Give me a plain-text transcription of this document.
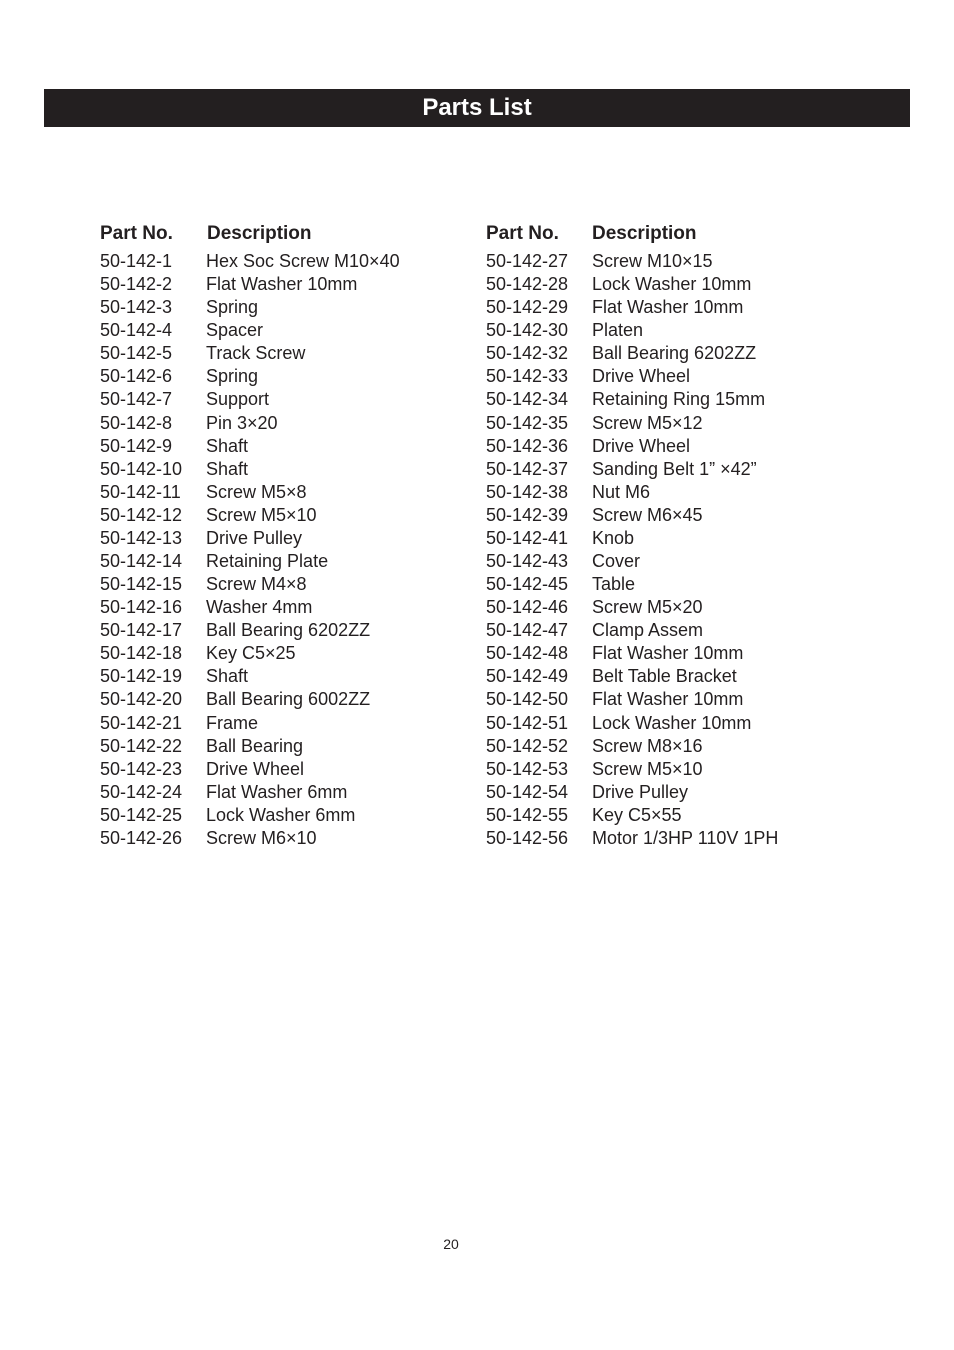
Parts List
Part No. Description
50-142-1 Hex Soc Screw M10×40
50-142-2 Flat Washer 10mm
50-142-3 Spring
50-142-4 Spacer
50-142-5 Track Screw
50-142-6 Spring
50-142-7 Support
50-142-8 Pin 3×20
50-142-9 Shaft
50-142-10 Shaft
50-142-11 Screw M5×8
50-142-12 Screw M5×10
50-142-13 Drive Pulley
50-142-14 Retaining Plate
50-142-15 Screw M4×8
50-142-16 Washer 4mm
50-142-17 Ball Bearing 6202ZZ
50-142-18 Key C5×25
50-142-19 Shaft
50-142-20 Ball Bearing 6002ZZ
50-142-21 Frame
50-142-22 Ball Bearing
50-142-23 Drive Wheel
50-142-24 Flat Washer 6mm
50-142-25 Lock Washer 6mm
50-142-26 Screw M6×10
Part No. Description
50-142-27 Screw M10×15
50-142-28 Lock Washer 10mm
50-142-29 Flat Washer 10mm
50-142-30 Platen
50-142-32 Ball Bearing 6202ZZ
50-142-33 Drive Wheel
50-142-34 Retaining Ring 15mm
50-142-35 Screw M5×12
50-142-36 Drive Wheel
50-142-37 Sanding Belt 1” ×42”
50-142-38 Nut M6
50-142-39 Screw M6×45
50-142-41 Knob
50-142-43 Cover
50-142-45 Table
50-142-46 Screw M5×20
50-142-47 Clamp Assem
50-142-48 Flat Washer 10mm
50-142-49 Belt Table Bracket
50-142-50 Flat Washer 10mm
50-142-51 Lock Washer 10mm
50-142-52 Screw M8×16
50-142-53 Screw M5×10
50-142-54 Drive Pulley
50-142-55 Key C5×55
50-142-56 Motor 1/3HP 110V 1PH
20
